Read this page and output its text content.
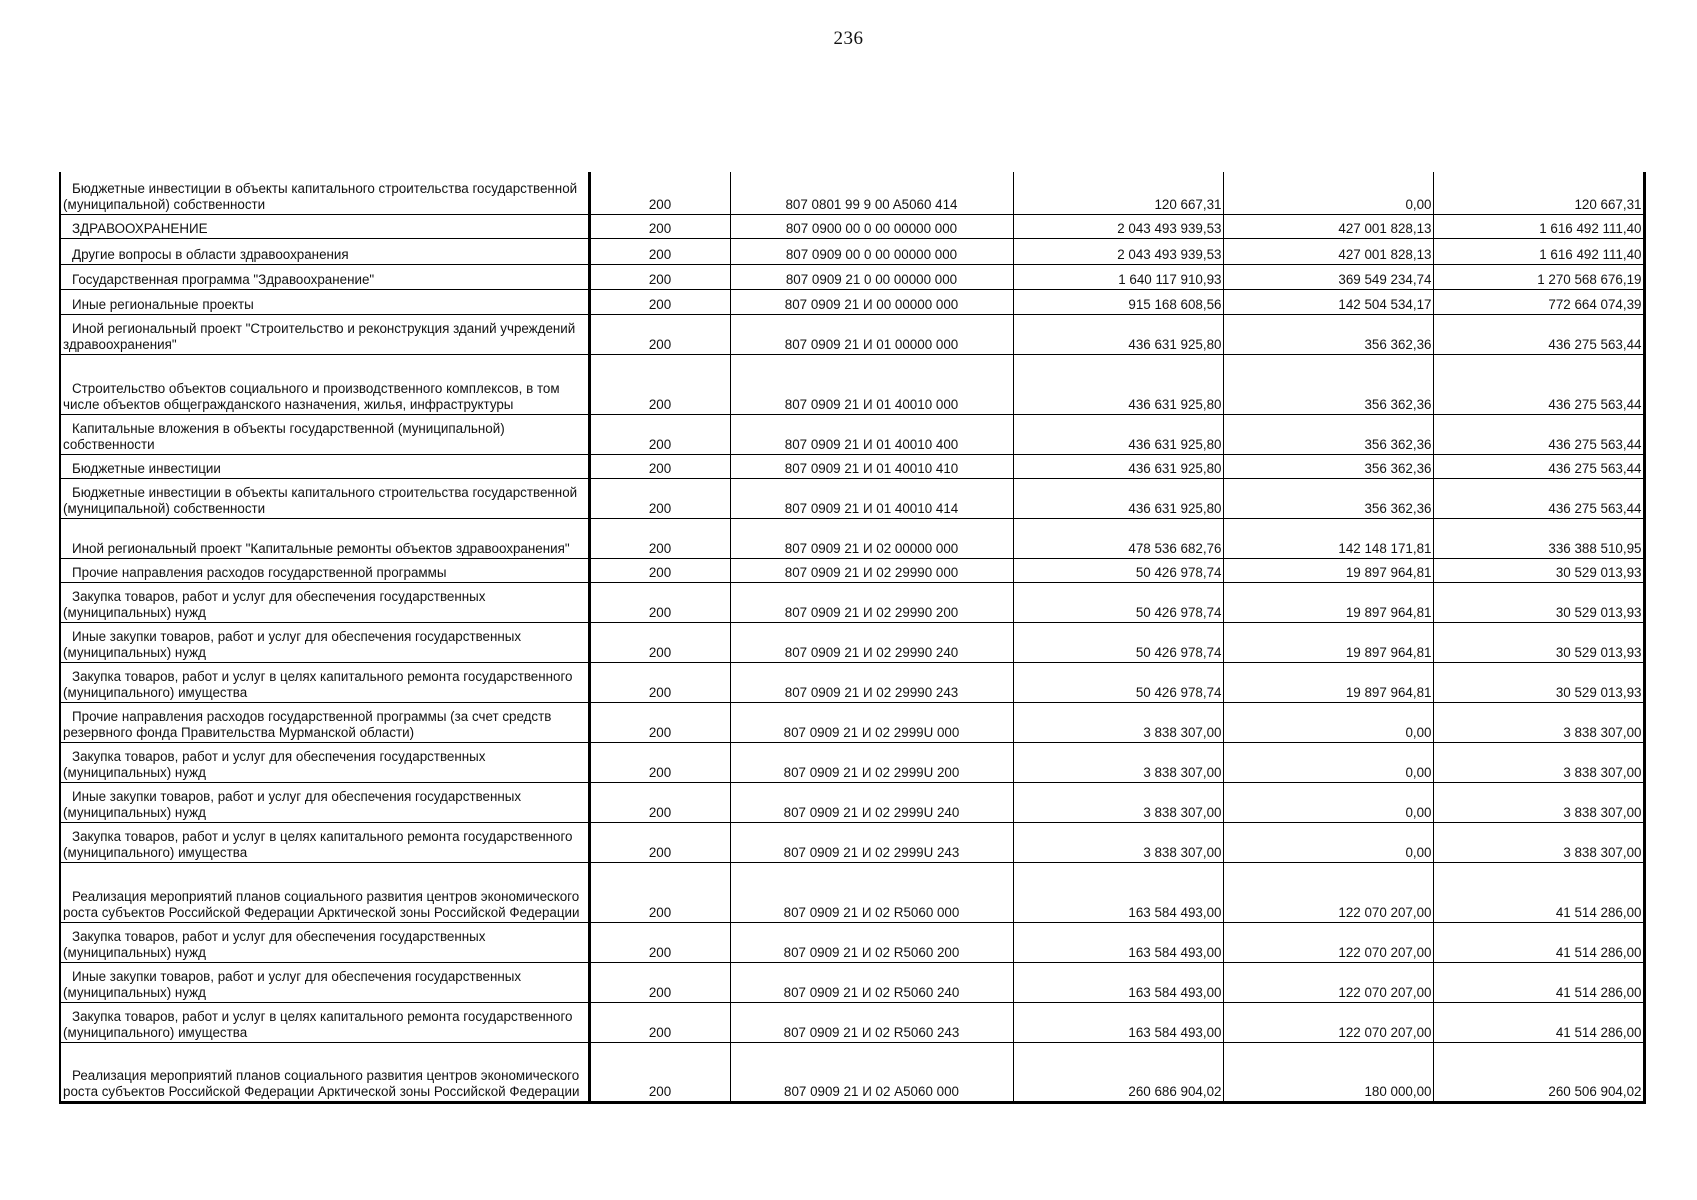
236
Бюджетные инвестиции в объекты капитального строительства государственной (муниципальной) собственности	200	807 0801 99 9 00 A5060 414	120 667,31	0,00	120 667,31
ЗДРАВООХРАНЕНИЕ	200	807 0900 00 0 00 00000 000	2 043 493 939,53	427 001 828,13	1 616 492 111,40
Другие вопросы в области здравоохранения	200	807 0909 00 0 00 00000 000	2 043 493 939,53	427 001 828,13	1 616 492 111,40
Государственная программа "Здравоохранение"	200	807 0909 21 0 00 00000 000	1 640 117 910,93	369 549 234,74	1 270 568 676,19
Иные региональные проекты	200	807 0909 21 И 00 00000 000	915 168 608,56	142 504 534,17	772 664 074,39
Иной региональный проект "Строительство и реконструкция зданий учреждений здравоохранения"	200	807 0909 21 И 01 00000 000	436 631 925,80	356 362,36	436 275 563,44
Строительство объектов социального и производственного комплексов, в том числе объектов общегражданского назначения, жилья, инфраструктуры	200	807 0909 21 И 01 40010 000	436 631 925,80	356 362,36	436 275 563,44
Капитальные вложения в объекты государственной (муниципальной) собственности	200	807 0909 21 И 01 40010 400	436 631 925,80	356 362,36	436 275 563,44
Бюджетные инвестиции	200	807 0909 21 И 01 40010 410	436 631 925,80	356 362,36	436 275 563,44
Бюджетные инвестиции в объекты капитального строительства государственной (муниципальной) собственности	200	807 0909 21 И 01 40010 414	436 631 925,80	356 362,36	436 275 563,44
Иной региональный проект "Капитальные ремонты объектов здравоохранения"	200	807 0909 21 И 02 00000 000	478 536 682,76	142 148 171,81	336 388 510,95
Прочие направления расходов государственной программы	200	807 0909 21 И 02 29990 000	50 426 978,74	19 897 964,81	30 529 013,93
Закупка товаров, работ и услуг для обеспечения государственных (муниципальных) нужд	200	807 0909 21 И 02 29990 200	50 426 978,74	19 897 964,81	30 529 013,93
Иные закупки товаров, работ и услуг для обеспечения государственных (муниципальных) нужд	200	807 0909 21 И 02 29990 240	50 426 978,74	19 897 964,81	30 529 013,93
Закупка товаров, работ и услуг в целях капитального ремонта государственного (муниципального) имущества	200	807 0909 21 И 02 29990 243	50 426 978,74	19 897 964,81	30 529 013,93
Прочие направления расходов государственной программы (за счет средств резервного фонда Правительства Мурманской области)	200	807 0909 21 И 02 2999U 000	3 838 307,00	0,00	3 838 307,00
Закупка товаров, работ и услуг для обеспечения государственных (муниципальных) нужд	200	807 0909 21 И 02 2999U 200	3 838 307,00	0,00	3 838 307,00
Иные закупки товаров, работ и услуг для обеспечения государственных (муниципальных) нужд	200	807 0909 21 И 02 2999U 240	3 838 307,00	0,00	3 838 307,00
Закупка товаров, работ и услуг в целях капитального ремонта государственного (муниципального) имущества	200	807 0909 21 И 02 2999U 243	3 838 307,00	0,00	3 838 307,00
Реализация мероприятий планов социального развития центров экономического роста субъектов Российской Федерации Арктической зоны Российской Федерации	200	807 0909 21 И 02 R5060 000	163 584 493,00	122 070 207,00	41 514 286,00
Закупка товаров, работ и услуг для обеспечения государственных (муниципальных) нужд	200	807 0909 21 И 02 R5060 200	163 584 493,00	122 070 207,00	41 514 286,00
Иные закупки товаров, работ и услуг для обеспечения государственных (муниципальных) нужд	200	807 0909 21 И 02 R5060 240	163 584 493,00	122 070 207,00	41 514 286,00
Закупка товаров, работ и услуг в целях капитального ремонта государственного (муниципального) имущества	200	807 0909 21 И 02 R5060 243	163 584 493,00	122 070 207,00	41 514 286,00
Реализация мероприятий планов социального развития центров экономического роста субъектов Российской Федерации Арктической зоны Российской Федерации	200	807 0909 21 И 02 A5060 000	260 686 904,02	180 000,00	260 506 904,02
